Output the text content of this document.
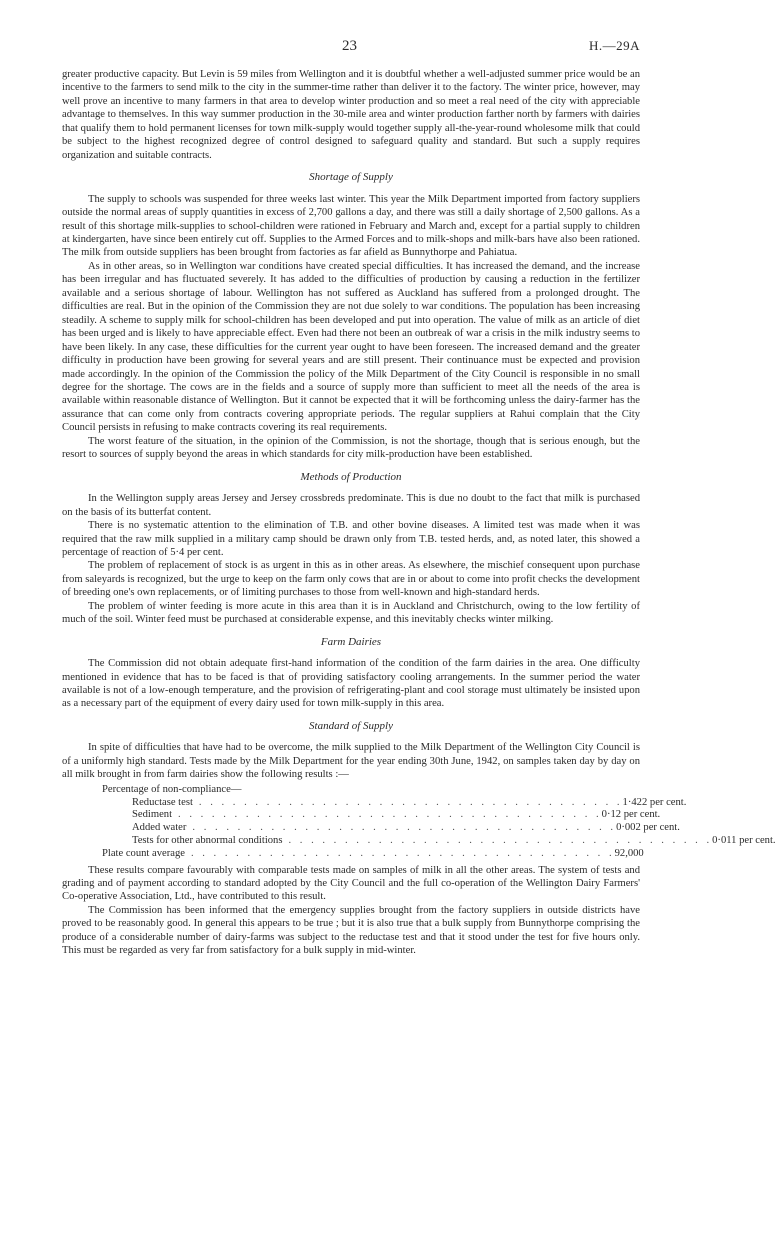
23	H.—29A

greater productive capacity. But Levin is 59 miles from Wellington and it is doubtful whether a well-adjusted summer price would be an incentive to the farmers to send milk to the city in the summer-time rather than deliver it to the factory. The winter price, however, may well prove an incentive to many farmers in that area to develop winter production and so meet a real need of the city with appreciable advantage to themselves. In this way summer production in the 30-mile area and winter production farther north by farmers with dairies that qualify them to hold permanent licenses for town milk-supply would together supply all-the-year-round wholesome milk that could be subject to the highest recognized degree of control designed to safeguard quality and standard. But such a supply requires organization and suitable contracts.

Shortage of Supply

The supply to schools was suspended for three weeks last winter. This year the Milk Department imported from factory suppliers outside the normal areas of supply quantities in excess of 2,700 gallons a day, and there was still a daily shortage of 2,500 gallons. As a result of this shortage milk-supplies to school-children were rationed in February and March and, except for a partial supply to children at kindergarten, have since been entirely cut off. Supplies to the Armed Forces and to milk-shops and milk-bars have also been rationed. The milk from outside suppliers has been brought from factories as far afield as Bunnythorpe and Pahiatua.

As in other areas, so in Wellington war conditions have created special difficulties. It has increased the demand, and the increase has been irregular and has fluctuated severely. It has added to the difficulties of production by causing a reduction in the fertilizer available and a serious shortage of labour. Wellington has not suffered as Auckland has suffered from a prolonged drought. The difficulties are real. But in the opinion of the Commission they are not due solely to war conditions. The population has been increasing steadily. A scheme to supply milk for school-children has been developed and put into operation. The value of milk as an article of diet has been urged and is likely to have appreciable effect. Even had there not been an outbreak of war a crisis in the milk industry seems to have been likely. In any case, these difficulties for the current year ought to have been foreseen. The increased demand and the greater difficulty in production have been growing for several years and are still present. Their continuance must be expected and provision made accordingly. In the opinion of the Commission the policy of the Milk Department of the City Council is responsible in no small degree for the shortage. The cows are in the fields and a source of supply more than sufficient to meet all the needs of the area is available within reasonable distance of Wellington. But it cannot be expected that it will be forthcoming unless the dairy-farmer has the assurance that can come only from contracts covering appropriate periods. The regular suppliers at Rahui complain that the City Council persists in refusing to make contracts covering its real requirements.

The worst feature of the situation, in the opinion of the Commission, is not the shortage, though that is serious enough, but the resort to sources of supply beyond the areas in which standards for city milk-production have been established.

Methods of Production

In the Wellington supply areas Jersey and Jersey crossbreds predominate. This is due no doubt to the fact that milk is purchased on the basis of its butterfat content.

There is no systematic attention to the elimination of T.B. and other bovine diseases. A limited test was made when it was required that the raw milk supplied in a military camp should be drawn only from T.B. tested herds, and, as noted later, this showed a percentage of reaction of 5·4 per cent.

The problem of replacement of stock is as urgent in this as in other areas. As elsewhere, the mischief consequent upon purchase from saleyards is recognized, but the urge to keep on the farm only cows that are in or about to come into profit checks the development of breeding one's own replacements, or of limiting purchases to those from well-known and high-standard herds.

The problem of winter feeding is more acute in this area than it is in Auckland and Christchurch, owing to the low fertility of much of the soil. Winter feed must be purchased at considerable expense, and this inevitably checks winter milking.

Farm Dairies

The Commission did not obtain adequate first-hand information of the condition of the farm dairies in the area. One difficulty mentioned in evidence that has to be faced is that of providing satisfactory cooling arrangements. In the summer period the water available is not of a low-enough temperature, and the provision of refrigerating-plant and cool storage must ultimately be insisted upon as a necessary part of the equipment of every dairy used for town milk-supply in this area.

Standard of Supply

In spite of difficulties that have had to be overcome, the milk supplied to the Milk Department of the Wellington City Council is of a uniformly high standard. Tests made by the Milk Department for the year ending 30th June, 1942, on samples taken day by day on all milk brought in from farm dairies show the following results :—

Percentage of non-compliance—
Reductase test . . . . . . . . . . . . . . . . . . . . . . . . . . . . . . . . . . . . . . 1·422 per cent.
Sediment . . . . . . . . . . . . . . . . . . . . . . . . . . . . . . . . . . . . . . 0·12 per cent.
Added water . . . . . . . . . . . . . . . . . . . . . . . . . . . . . . . . . . . . . . 0·002 per cent.
Tests for other abnormal conditions . . . . . . . . . . . . . . . . . . . . . . . . . . . . . . . . . . . . . . 0·011 per cent.
Plate count average . . . . . . . . . . . . . . . . . . . . . . . . . . . . . . . . . . . . . . 92,000

These results compare favourably with comparable tests made on samples of milk in all the other areas. The system of tests and grading and of payment according to standard adopted by the City Council and the full co-operation of the Wellington Dairy Farmers' Co-operative Association, Ltd., have contributed to this result.

The Commission has been informed that the emergency supplies brought from the factory suppliers in outside districts have proved to be reasonably good. In general this appears to be true ; but it is also true that a bulk supply from Bunnythorpe comprising the produce of a considerable number of dairy-farms was subject to the reductase test and that it stood under the test for five hours only. This must be regarded as very far from satisfactory for a bulk supply in mid-winter.
